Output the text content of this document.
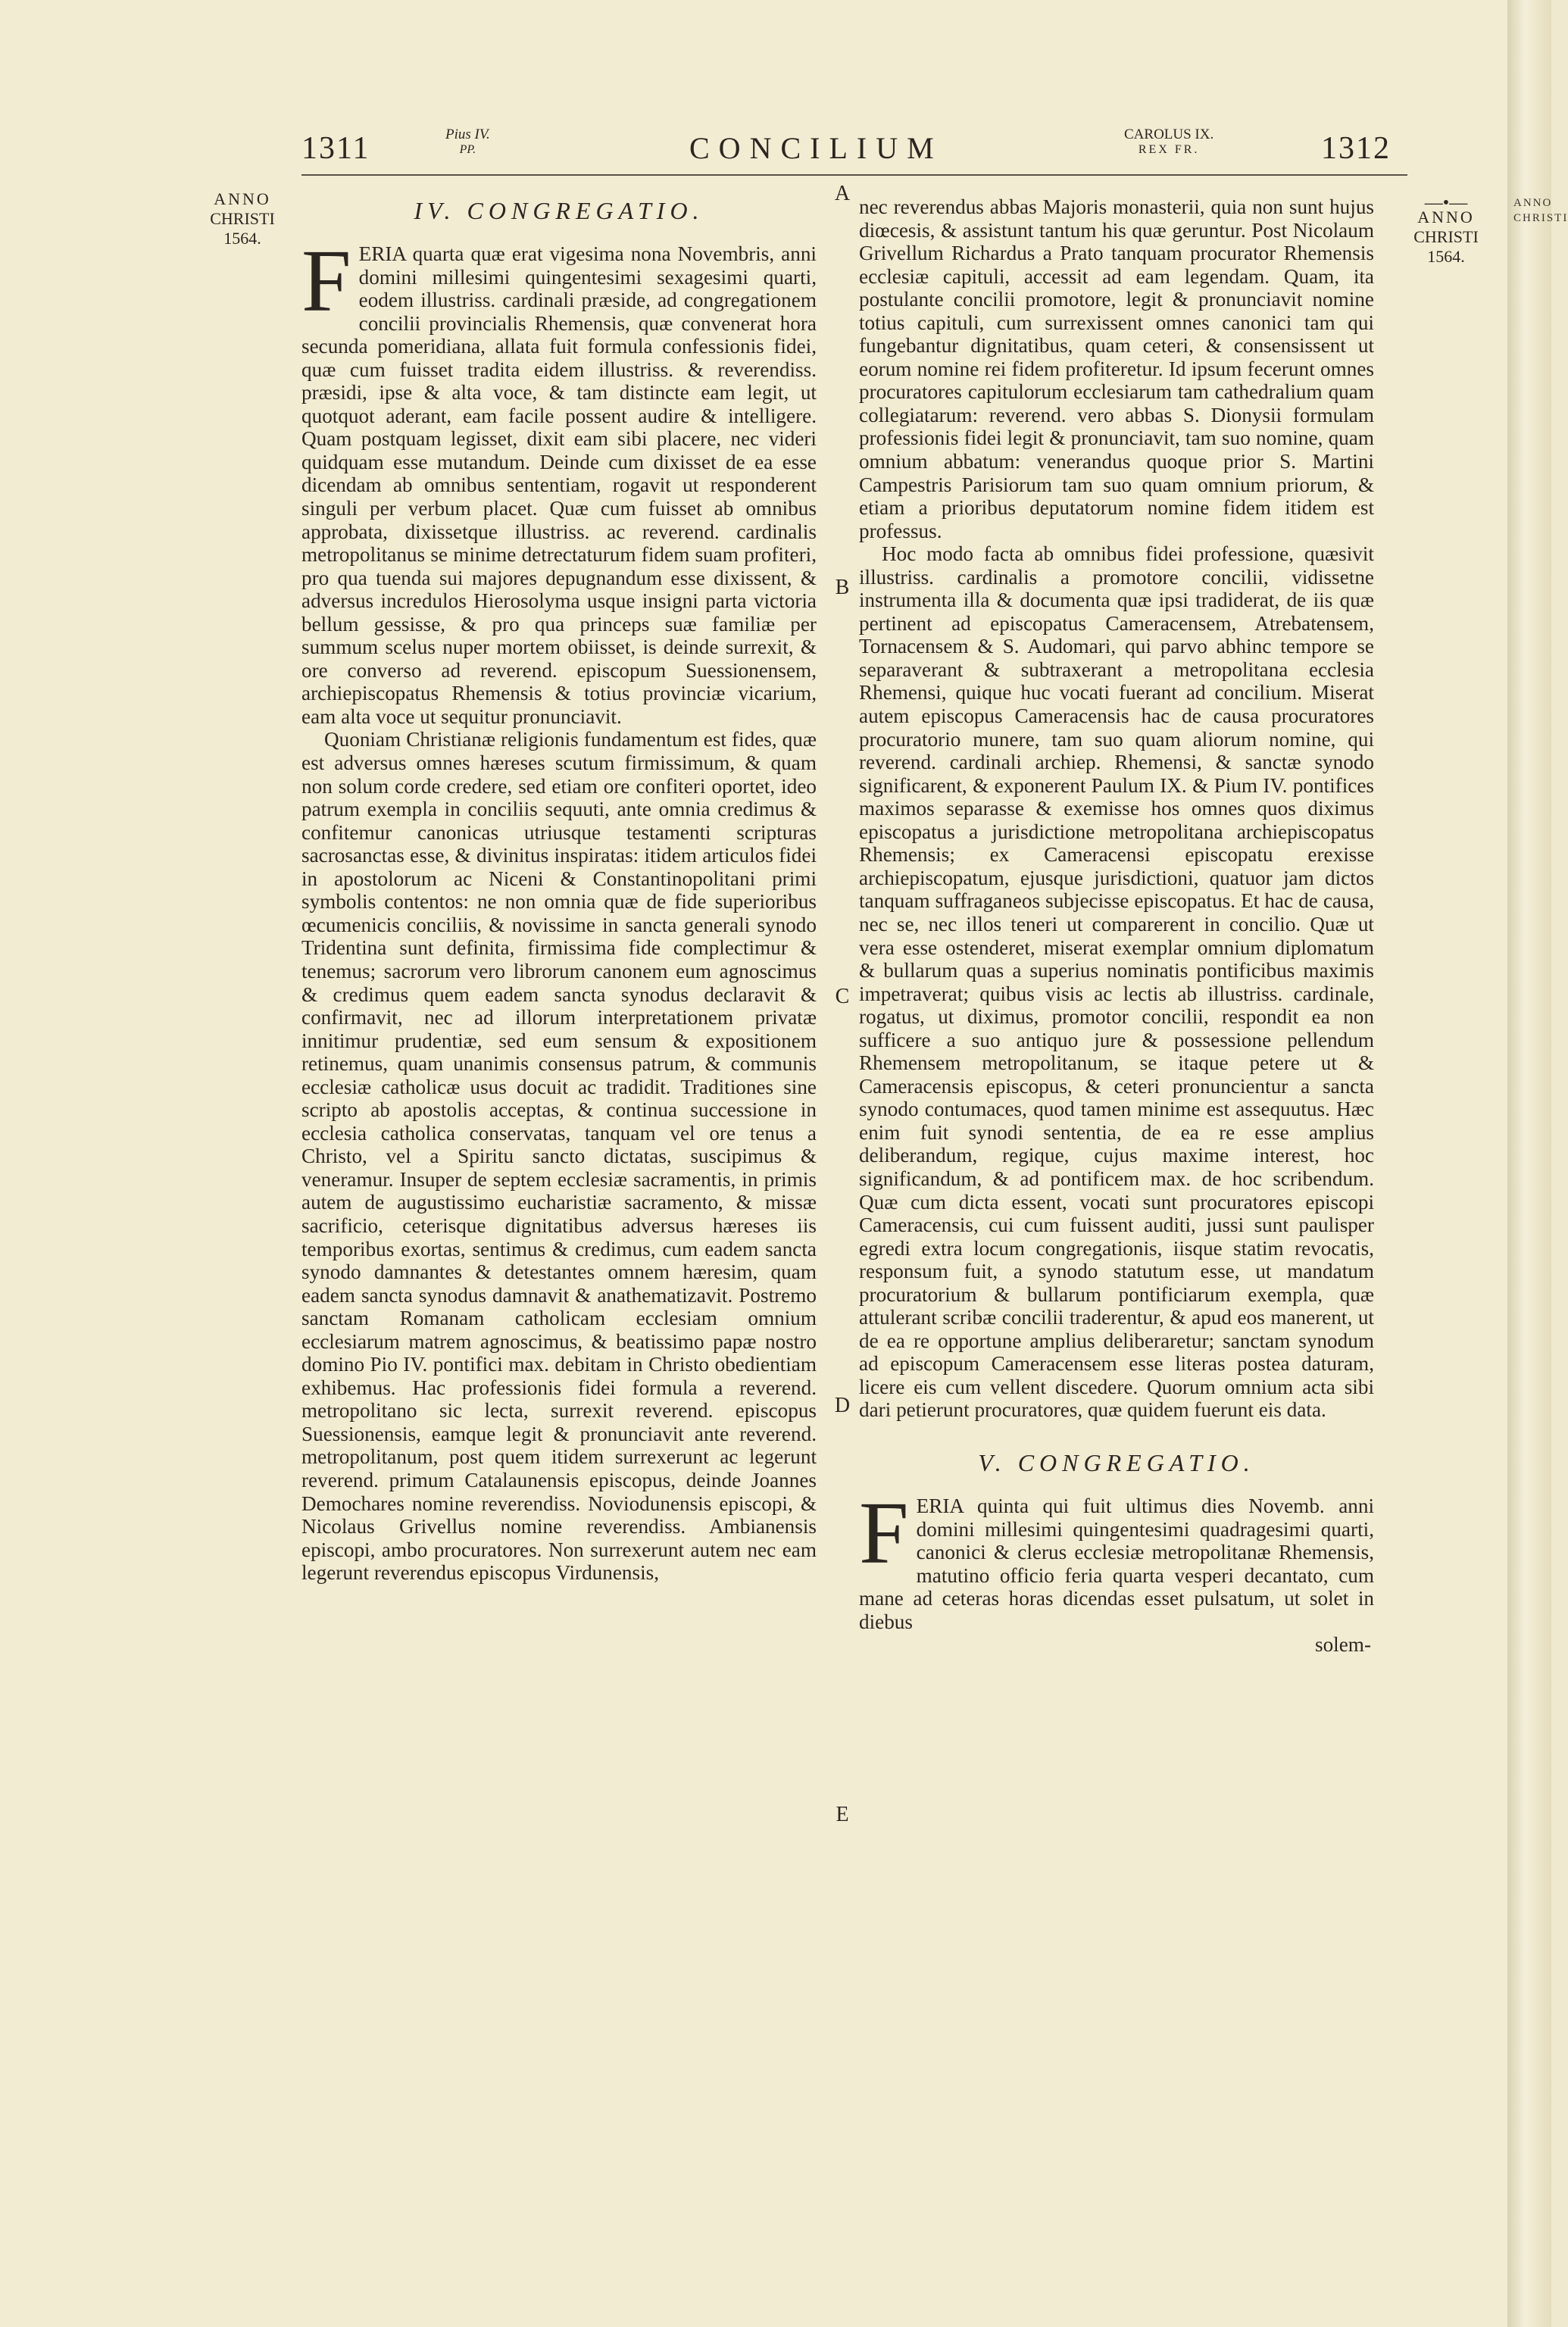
1311	Pius IV.
PP.	CONCILIUM	CAROLUS IX.
REX FR.	1312
ANNO
CHRISTI
1564.
—•—
ANNO
CHRISTI
1564.
ANNO CHRISTI
A
B
C
D
E
IV. CONGREGATIO.

FERIA quarta quæ erat vigesima nona Novembris, anni domini millesimi quingentesimi sexagesimi quarti, eodem illustriss. cardinali præside, ad congregationem concilii provincialis Rhemensis, quæ convenerat hora secunda pomeridiana, allata fuit formula confessionis fidei, quæ cum fuisset tradita eidem illustriss. & reverendiss. præsidi, ipse & alta voce, & tam distincte eam legit, ut quotquot aderant, eam facile possent audire & intelligere. Quam postquam legisset, dixit eam sibi placere, nec videri quidquam esse mutandum. Deinde cum dixisset de ea esse dicendam ab omnibus sententiam, rogavit ut responderent singuli per verbum placet. Quæ cum fuisset ab omnibus approbata, dixissetque illustriss. ac reverend. cardinalis metropolitanus se minime detrectaturum fidem suam profiteri, pro qua tuenda sui majores depugnandum esse dixissent, & adversus incredulos Hierosolyma usque insigni parta victoria bellum gessisse, & pro qua princeps suæ familiæ per summum scelus nuper mortem obiisset, is deinde surrexit, & ore converso ad reverend. episcopum Suessionensem, archiepiscopatus Rhemensis & totius provinciæ vicarium, eam alta voce ut sequitur pronunciavit.

Quoniam Christianæ religionis fundamentum est fides, quæ est adversus omnes hæreses scutum firmissimum, & quam non solum corde credere, sed etiam ore confiteri oportet, ideo patrum exempla in conciliis sequuti, ante omnia credimus & confitemur canonicas utriusque testamenti scripturas sacrosanctas esse, & divinitus inspiratas: itidem articulos fidei in apostolorum ac Niceni & Constantinopolitani primi symbolis contentos: ne non omnia quæ de fide superioribus œcumenicis conciliis, & novissime in sancta generali synodo Tridentina sunt definita, firmissima fide complectimur & tenemus; sacrorum vero librorum canonem eum agnoscimus & credimus quem eadem sancta synodus declaravit & confirmavit, nec ad illorum interpretationem privatæ innitimur prudentiæ, sed eum sensum & expositionem retinemus, quam unanimis consensus patrum, & communis ecclesiæ catholicæ usus docuit ac tradidit. Traditiones sine scripto ab apostolis acceptas, & continua successione in ecclesia catholica conservatas, tanquam vel ore tenus a Christo, vel a Spiritu sancto dictatas, suscipimus & veneramur. Insuper de septem ecclesiæ sacramentis, in primis autem de augustissimo eucharistiæ sacramento, & missæ sacrificio, ceterisque dignitatibus adversus hæreses iis temporibus exortas, sentimus & credimus, cum eadem sancta synodo damnantes & detestantes omnem hæresim, quam eadem sancta synodus damnavit & anathematizavit. Postremo sanctam Romanam catholicam ecclesiam omnium ecclesiarum matrem agnoscimus, & beatissimo papæ nostro domino Pio IV. pontifici max. debitam in Christo obedientiam exhibemus. Hac professionis fidei formula a reverend. metropolitano sic lecta, surrexit reverend. episcopus Suessionensis, eamque legit & pronunciavit ante reverend. metropolitanum, post quem itidem surrexerunt ac legerunt reverend. primum Catalaunensis episcopus, deinde Joannes Demochares nomine reverendiss. Noviodunensis episcopi, & Nicolaus Grivellus nomine reverendiss. Ambianensis episcopi, ambo procuratores. Non surrexerunt autem nec eam legerunt reverendus episcopus Virdunensis,

nec reverendus abbas Majoris monasterii, quia non sunt hujus diœcesis, & assistunt tantum his quæ geruntur. Post Nicolaum Grivellum Richardus a Prato tanquam procurator Rhemensis ecclesiæ capituli, accessit ad eam legendam. Quam, ita postulante concilii promotore, legit & pronunciavit nomine totius capituli, cum surrexissent omnes canonici tam qui fungebantur dignitatibus, quam ceteri, & consensissent ut eorum nomine rei fidem profiteretur. Id ipsum fecerunt omnes procuratores capitulorum ecclesiarum tam cathedralium quam collegiatarum: reverend. vero abbas S. Dionysii formulam professionis fidei legit & pronunciavit, tam suo nomine, quam omnium abbatum: venerandus quoque prior S. Martini Campestris Parisiorum tam suo quam omnium priorum, & etiam a prioribus deputatorum nomine fidem itidem est professus.

Hoc modo facta ab omnibus fidei professione, quæsivit illustriss. cardinalis a promotore concilii, vidissetne instrumenta illa & documenta quæ ipsi tradiderat, de iis quæ pertinent ad episcopatus Cameracensem, Atrebatensem, Tornacensem & S. Audomari, qui parvo abhinc tempore se separaverant & subtraxerant a metropolitana ecclesia Rhemensi, quique huc vocati fuerant ad concilium. Miserat autem episcopus Cameracensis hac de causa procuratores procuratorio munere, tam suo quam aliorum nomine, qui reverend. cardinali archiep. Rhemensi, & sanctæ synodo significarent, & exponerent Paulum IX. & Pium IV. pontifices maximos separasse & exemisse hos omnes quos diximus episcopatus a jurisdictione metropolitana archiepiscopatus Rhemensis; ex Cameracensi episcopatu erexisse archiepiscopatum, ejusque jurisdictioni, quatuor jam dictos tanquam suffraganeos subjecisse episcopatus. Et hac de causa, nec se, nec illos teneri ut comparerent in concilio. Quæ ut vera esse ostenderet, miserat exemplar omnium diplomatum & bullarum quas a superius nominatis pontificibus maximis impetraverat; quibus visis ac lectis ab illustriss. cardinale, rogatus, ut diximus, promotor concilii, respondit ea non sufficere a suo antiquo jure & possessione pellendum Rhemensem metropolitanum, se itaque petere ut & Cameracensis episcopus, & ceteri pronuncientur a sancta synodo contumaces, quod tamen minime est assequutus. Hæc enim fuit synodi sententia, de ea re esse amplius deliberandum, regique, cujus maxime interest, hoc significandum, & ad pontificem max. de hoc scribendum. Quæ cum dicta essent, vocati sunt procuratores episcopi Cameracensis, cui cum fuissent auditi, jussi sunt paulisper egredi extra locum congregationis, iisque statim revocatis, responsum fuit, a synodo statutum esse, ut mandatum procuratorium & bullarum pontificiarum exempla, quæ attulerant scribæ concilii traderentur, & apud eos manerent, ut de ea re opportune amplius deliberaretur; sanctam synodum ad episcopum Cameracensem esse literas postea daturam, licere eis cum vellent discedere. Quorum omnium acta sibi dari petierunt procuratores, quæ quidem fuerunt eis data.

V. CONGREGATIO.

FERIA quinta qui fuit ultimus dies Novemb. anni domini millesimi quingentesimi quadragesimi quarti, canonici & clerus ecclesiæ metropolitanæ Rhemensis, matutino officio feria quarta vesperi decantato, cum mane ad ceteras horas dicendas esset pulsatum, ut solet in diebus

solem-
